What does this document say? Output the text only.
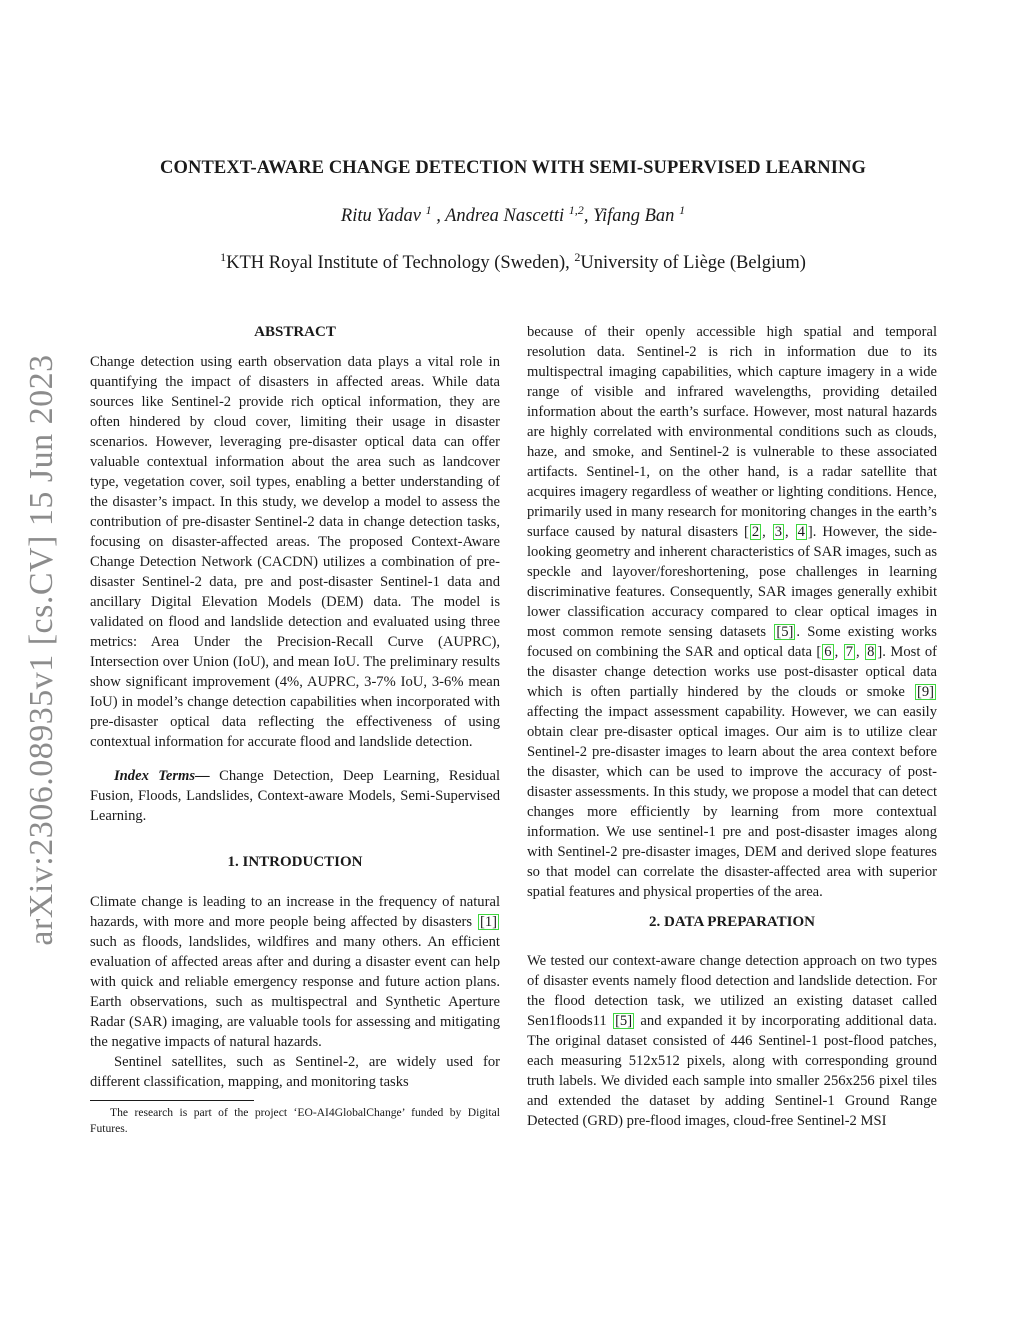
arXiv:2306.08935v1 [cs.CV] 15 Jun 2023
CONTEXT-AWARE CHANGE DETECTION WITH SEMI-SUPERVISED LEARNING
Ritu Yadav $^1$ , Andrea Nascetti $^{1,2}$, Yifang Ban $^1$
$^1$KTH Royal Institute of Technology (Sweden), $^2$University of Liège (Belgium)
ABSTRACT

Change detection using earth observation data plays a vital role in quantifying the impact of disasters in affected areas. While data sources like Sentinel-2 provide rich optical information, they are often hindered by cloud cover, limiting their usage in disaster scenarios. However, leveraging pre-disaster optical data can offer valuable contextual information about the area such as landcover type, vegetation cover, soil types, enabling a better understanding of the disaster’s impact. In this study, we develop a model to assess the contribution of pre-disaster Sentinel-2 data in change detection tasks, focusing on disaster-affected areas. The proposed Context-Aware Change Detection Network (CACDN) utilizes a combination of pre-disaster Sentinel-2 data, pre and post-disaster Sentinel-1 data and ancillary Digital Elevation Models (DEM) data. The model is validated on flood and landslide detection and evaluated using three metrics: Area Under the Precision-Recall Curve (AUPRC), Intersection over Union (IoU), and mean IoU. The preliminary results show significant improvement (4%, AUPRC, 3-7% IoU, 3-6% mean IoU) in model’s change detection capabilities when incorporated with pre-disaster optical data reflecting the effectiveness of using contextual information for accurate flood and landslide detection.

Index Terms— Change Detection, Deep Learning, Residual Fusion, Floods, Landslides, Context-aware Models, Semi-Supervised Learning.

1. INTRODUCTION

Climate change is leading to an increase in the frequency of natural hazards, with more and more people being affected by disasters [1] such as floods, landslides, wildfires and many others. An efficient evaluation of affected areas after and during a disaster event can help with quick and reliable emergency response and future action plans. Earth observations, such as multispectral and Synthetic Aperture Radar (SAR) imaging, are valuable tools for assessing and mitigating the negative impacts of natural hazards.

Sentinel satellites, such as Sentinel-2, are widely used for different classification, mapping, and monitoring tasks

The research is part of the project ‘EO-AI4GlobalChange’ funded by Digital Futures.

because of their openly accessible high spatial and temporal resolution data. Sentinel-2 is rich in information due to its multispectral imaging capabilities, which capture imagery in a wide range of visible and infrared wavelengths, providing detailed information about the earth’s surface. However, most natural hazards are highly correlated with environmental conditions such as clouds, haze, and smoke, and Sentinel-2 is vulnerable to these associated artifacts. Sentinel-1, on the other hand, is a radar satellite that acquires imagery regardless of weather or lighting conditions. Hence, primarily used in many research for monitoring changes in the earth’s surface caused by natural disasters [ 2 , 3 , 4 ]. However, the side-looking geometry and inherent characteristics of SAR images, such as speckle and layover/foreshortening, pose challenges in learning discriminative features. Consequently, SAR images generally exhibit lower classification accuracy compared to clear optical images in most common remote sensing datasets [5] . Some existing works focused on combining the SAR and optical data [ 6 , 7 , 8 ]. Most of the disaster change detection works use post-disaster optical data which is often partially hindered by the clouds or smoke [9] affecting the impact assessment capability. However, we can easily obtain clear pre-disaster optical images. Our aim is to utilize clear Sentinel-2 pre-disaster images to learn about the area context before the disaster, which can be used to improve the accuracy of post-disaster assessments. In this study, we propose a model that can detect changes more efficiently by learning from more contextual information. We use sentinel-1 pre and post-disaster images along with Sentinel-2 pre-disaster images, DEM and derived slope features so that model can correlate the disaster-affected area with superior spatial features and physical properties of the area.

2. DATA PREPARATION

We tested our context-aware change detection approach on two types of disaster events namely flood detection and landslide detection. For the flood detection task, we utilized an existing dataset called Sen1floods11 [5] and expanded it by incorporating additional data. The original dataset consisted of 446 Sentinel-1 post-flood patches, each measuring 512x512 pixels, along with corresponding ground truth labels. We divided each sample into smaller 256x256 pixel tiles and extended the dataset by adding Sentinel-1 Ground Range Detected (GRD) pre-flood images, cloud-free Sentinel-2 MSI
